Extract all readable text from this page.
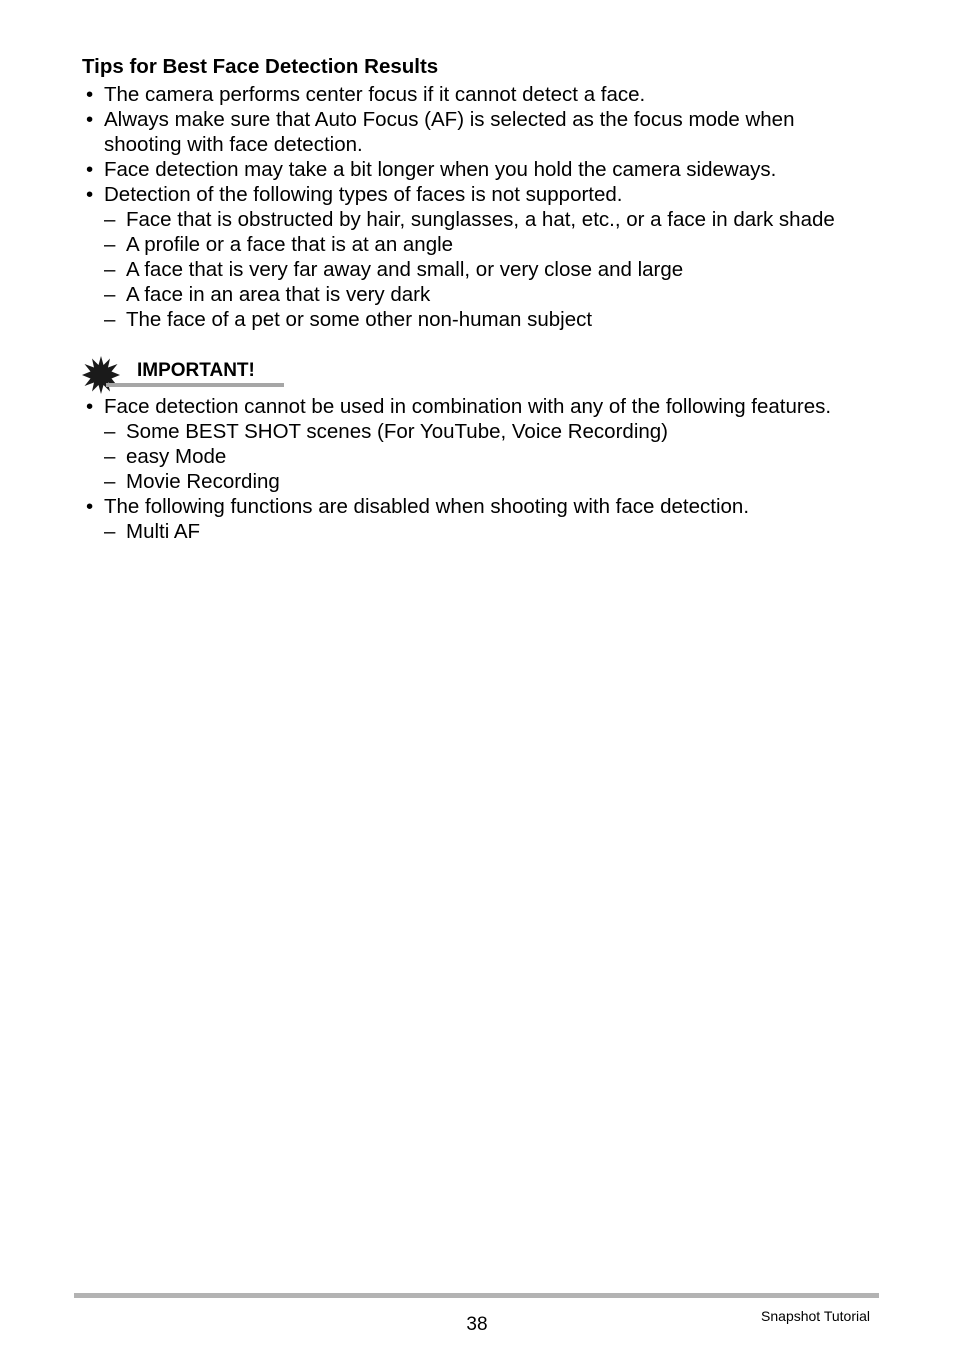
Tips for Best Face Detection Results
• The camera performs center focus if it cannot detect a face.
• Always make sure that Auto Focus (AF) is selected as the focus mode when shooting with face detection.
• Face detection may take a bit longer when you hold the camera sideways.
• Detection of the following types of faces is not supported.
– Face that is obstructed by hair, sunglasses, a hat, etc., or a face in dark shade
– A profile or a face that is at an angle
– A face that is very far away and small, or very close and large
– A face in an area that is very dark
– The face of a pet or some other non-human subject
IMPORTANT!
• Face detection cannot be used in combination with any of the following features.
– Some BEST SHOT scenes (For YouTube, Voice Recording)
– easy Mode
– Movie Recording
• The following functions are disabled when shooting with face detection.
– Multi AF
38	Snapshot Tutorial
